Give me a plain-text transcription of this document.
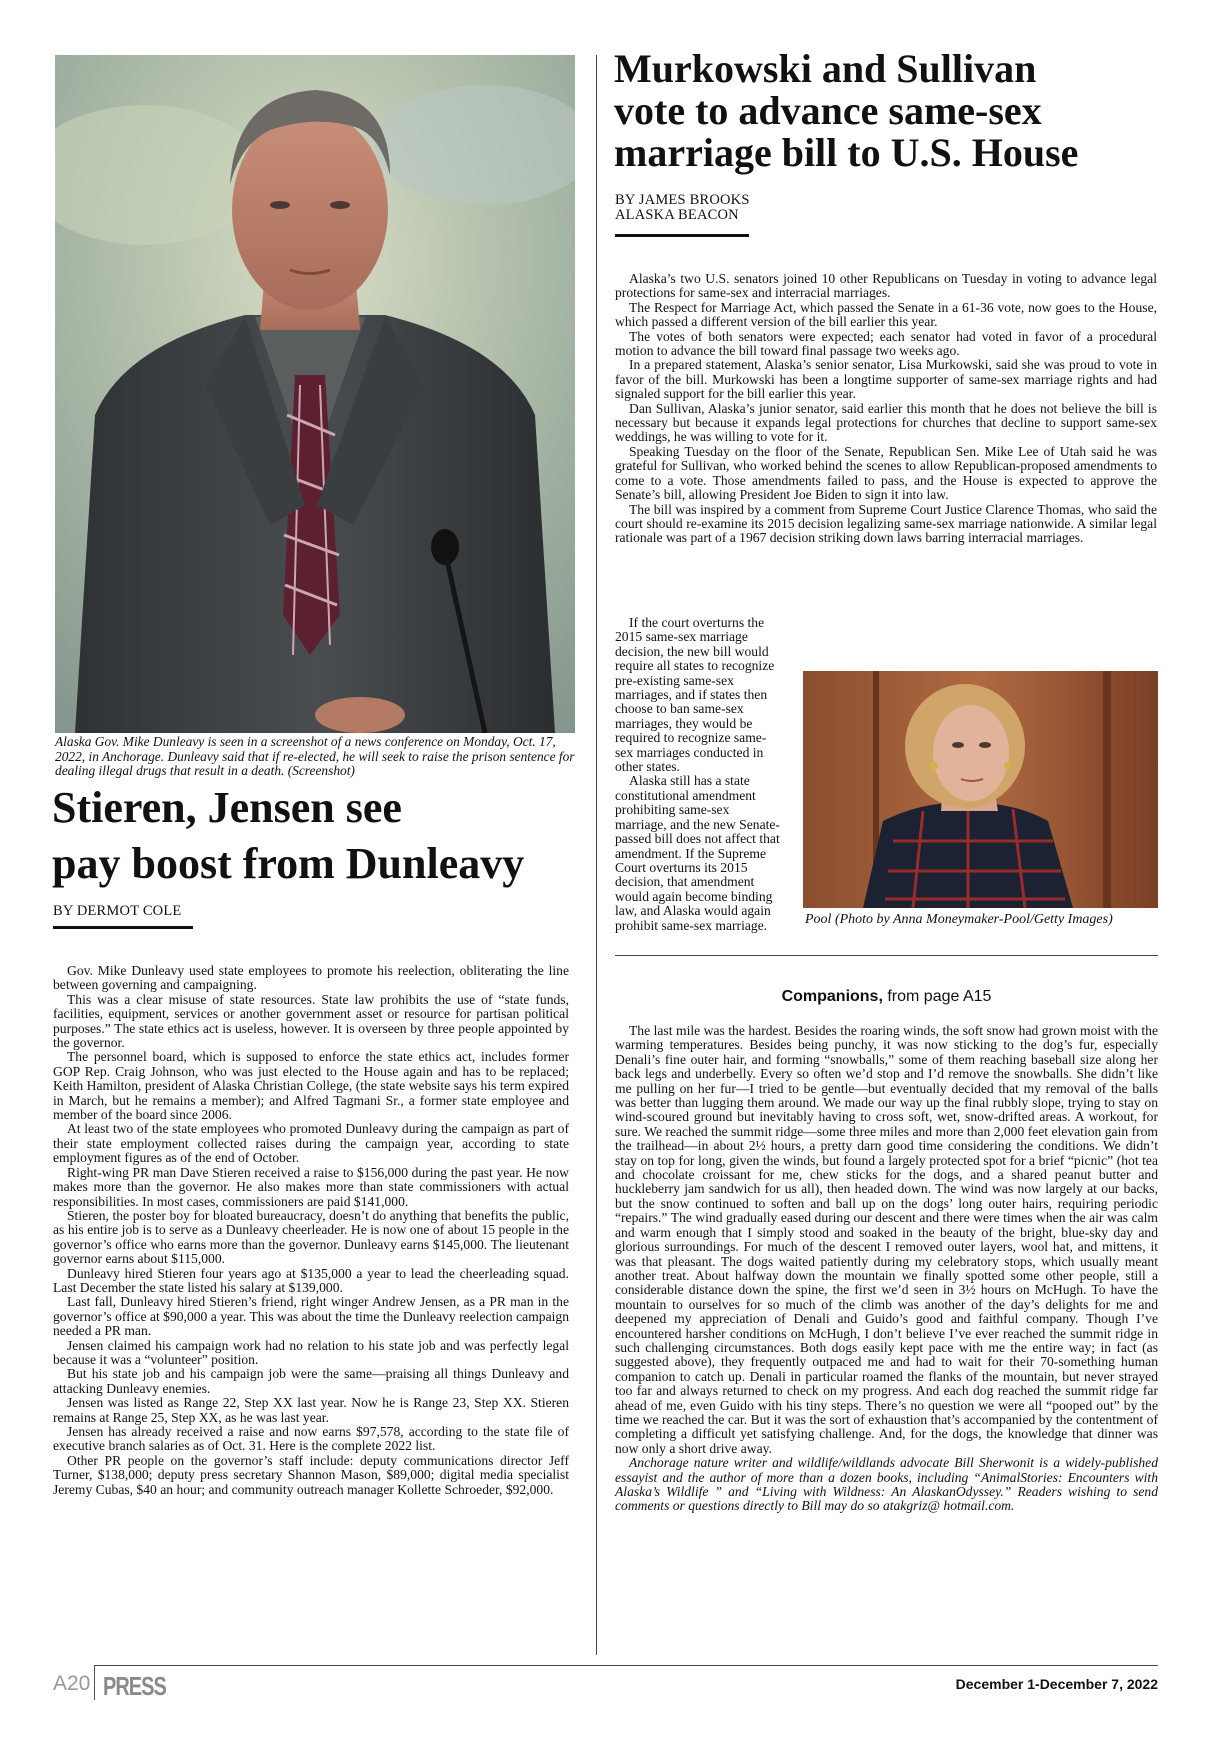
Alaska Gov. Mike Dunleavy is seen in a screenshot of a news conference on Monday, Oct. 17, 2022, in Anchorage. Dunleavy said that if re-elected, he will seek to raise the prison sentence for dealing illegal drugs that result in a death. (Screenshot)
Stieren, Jensen see
pay boost from Dunleavy
BY DERMOT COLE

Gov. Mike Dunleavy used state employees to promote his reelection, obliterating the line between governing and campaigning.

This was a clear misuse of state resources. State law prohibits the use of “state funds, facilities, equipment, services or another government asset or resource for partisan political purposes.” The state ethics act is useless, however. It is overseen by three people appointed by the governor.

The personnel board, which is supposed to enforce the state ethics act, includes former GOP Rep. Craig Johnson, who was just elected to the House again and has to be replaced; Keith Hamilton, president of Alaska Christian College, (the state website says his term expired in March, but he remains a member); and Alfred Tagmani Sr., a former state employee and member of the board since 2006.

At least two of the state employees who promoted Dunleavy during the campaign as part of their state employment collected raises during the campaign year, according to state employment figures as of the end of October.

Right-wing PR man Dave Stieren received a raise to $156,000 during the past year. He now makes more than the governor. He also makes more than state commissioners with actual responsibilities. In most cases, commissioners are paid $141,000.

Stieren, the poster boy for bloated bureaucracy, doesn’t do anything that benefits the public, as his entire job is to serve as a Dunleavy cheerleader. He is now one of about 15 people in the governor’s office who earns more than the governor. Dunleavy earns $145,000. The lieutenant governor earns about $115,000.

Dunleavy hired Stieren four years ago at $135,000 a year to lead the cheerleading squad. Last December the state listed his salary at $139,000.

Last fall, Dunleavy hired Stieren’s friend, right winger Andrew Jensen, as a PR man in the governor’s office at $90,000 a year. This was about the time the Dunleavy reelection campaign needed a PR man.

Jensen claimed his campaign work had no relation to his state job and was perfectly legal because it was a “volunteer” position.

But his state job and his campaign job were the same—praising all things Dunleavy and attacking Dunleavy enemies.

Jensen was listed as Range 22, Step XX last year. Now he is Range 23, Step XX. Stieren remains at Range 25, Step XX, as he was last year.

Jensen has already received a raise and now earns $97,578, according to the state file of executive branch salaries as of Oct. 31. Here is the complete 2022 list.

Other PR people on the governor’s staff include: deputy communications director Jeff Turner, $138,000; deputy press secretary Shannon Mason, $89,000; digital media specialist Jeremy Cubas, $40 an hour; and community outreach manager Kollette Schroeder, $92,000.

Murkowski and Sullivan
vote to advance same-sex
marriage bill to U.S. House
BY JAMES BROOKS
ALASKA BEACON

Alaska’s two U.S. senators joined 10 other Republicans on Tuesday in voting to advance legal protections for same-sex and interracial marriages.

The Respect for Marriage Act, which passed the Senate in a 61-36 vote, now goes to the House, which passed a different version of the bill earlier this year.

The votes of both senators were expected; each senator had voted in favor of a procedural motion to advance the bill toward final passage two weeks ago.

In a prepared statement, Alaska’s senior senator, Lisa Murkowski, said she was proud to vote in favor of the bill. Murkowski has been a longtime supporter of same-sex marriage rights and had signaled support for the bill earlier this year.

Dan Sullivan, Alaska’s junior senator, said earlier this month that he does not believe the bill is necessary but because it expands legal protections for churches that decline to support same-sex weddings, he was willing to vote for it.

Speaking Tuesday on the floor of the Senate, Republican Sen. Mike Lee of Utah said he was grateful for Sullivan, who worked behind the scenes to allow Republican-proposed amendments to come to a vote. Those amendments failed to pass, and the House is expected to approve the Senate’s bill, allowing President Joe Biden to sign it into law.

The bill was inspired by a comment from Supreme Court Justice Clarence Thomas, who said the court should re-examine its 2015 decision legalizing same-sex marriage nationwide. A similar legal rationale was part of a 1967 decision striking down laws barring interracial marriages.

If the court overturns the 2015 same-sex marriage decision, the new bill would require all states to recognize pre-existing same-sex marriages, and if states then choose to ban same-sex marriages, they would be required to recognize same-sex marriages conducted in other states.

Alaska still has a state constitutional amendment prohibiting same-sex marriage, and the new Senate-passed bill does not affect that amendment. If the Supreme Court overturns its 2015 decision, that amendment would again become binding law, and Alaska would again prohibit same-sex marriage.	Pool (Photo by Anna Moneymaker-Pool/Getty Images)
Companions, from page A15

The last mile was the hardest. Besides the roaring winds, the soft snow had grown moist with the warming temperatures. Besides being punchy, it was now sticking to the dog’s fur, especially Denali’s fine outer hair, and forming “snowballs,” some of them reaching baseball size along her back legs and underbelly. Every so often we’d stop and I’d remove the snowballs. She didn’t like me pulling on her fur—I tried to be gentle—but eventually decided that my removal of the balls was better than lugging them around. We made our way up the final rubbly slope, trying to stay on wind-scoured ground but inevitably having to cross soft, wet, snow-drifted areas. A workout, for sure. We reached the summit ridge—some three miles and more than 2,000 feet elevation gain from the trailhead—in about 2½ hours, a pretty darn good time considering the conditions. We didn’t stay on top for long, given the winds, but found a largely protected spot for a brief “picnic” (hot tea and chocolate croissant for me, chew sticks for the dogs, and a shared peanut butter and huckleberry jam sandwich for us all), then headed down. The wind was now largely at our backs, but the snow continued to soften and ball up on the dogs’ long outer hairs, requiring periodic “repairs.” The wind gradually eased during our descent and there were times when the air was calm and warm enough that I simply stood and soaked in the beauty of the bright, blue-sky day and glorious surroundings. For much of the descent I removed outer layers, wool hat, and mittens, it was that pleasant. The dogs waited patiently during my celebratory stops, which usually meant another treat. About halfway down the mountain we finally spotted some other people, still a considerable distance down the spine, the first we’d seen in 3½ hours on McHugh. To have the mountain to ourselves for so much of the climb was another of the day’s delights for me and deepened my appreciation of Denali and Guido’s good and faithful company. Though I’ve encountered harsher conditions on McHugh, I don’t believe I’ve ever reached the summit ridge in such challenging circumstances. Both dogs easily kept pace with me the entire way; in fact (as suggested above), they frequently outpaced me and had to wait for their 70-something human companion to catch up. Denali in particular roamed the flanks of the mountain, but never strayed too far and always returned to check on my progress. And each dog reached the summit ridge far ahead of me, even Guido with his tiny steps. There’s no question we were all “pooped out” by the time we reached the car. But it was the sort of exhaustion that’s accompanied by the contentment of completing a difficult yet satisfying challenge. And, for the dogs, the knowledge that dinner was now only a short drive away.

Anchorage nature writer and wildlife/wildlands advocate Bill Sherwonit is a widely-published essayist and the author of more than a dozen books, including “AnimalStories: Encounters with Alaska’s Wildlife ” and “Living with Wildness: An AlaskanOdyssey.” Readers wishing to send comments or questions directly to Bill may do so atakgriz@ hotmail.com.

A20 PRESS	December 1-December 7, 2022
